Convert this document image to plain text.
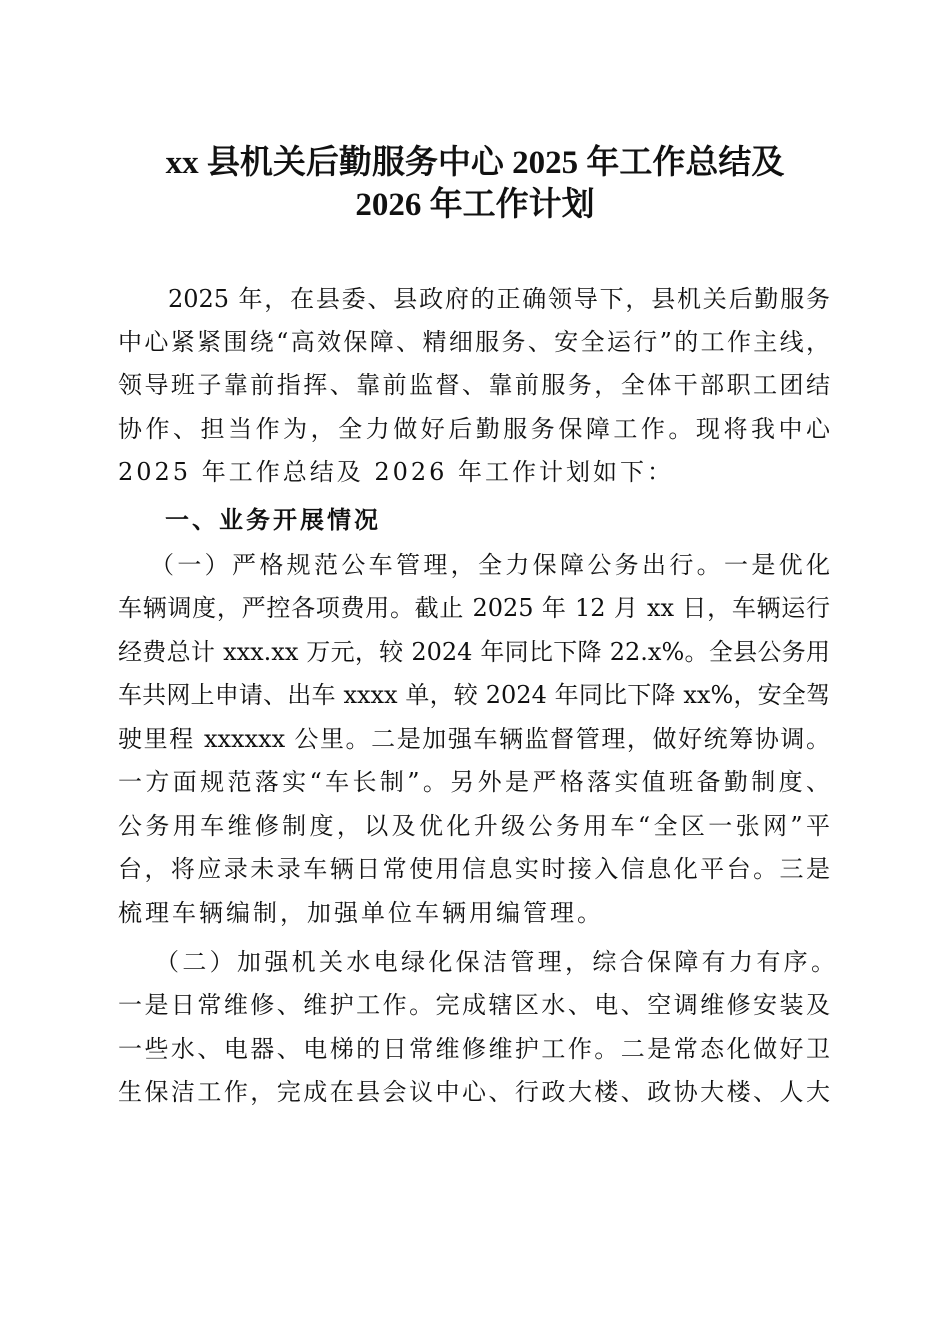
xx 县机关后勤服务中心 2025 年工作总结及
2026 年工作计划
2025 年，在县委、县政府的正确领导下，县机关后勤服务
中心紧紧围绕“高效保障、精细服务、安全运行”的工作主线，
领导班子靠前指挥、靠前监督、靠前服务，全体干部职工团结
协作、担当作为，全力做好后勤服务保障工作。现将我中心
2025 年工作总结及 2026 年工作计划如下：
一、业务开展情况
（一）严格规范公车管理，全力保障公务出行。一是优化
车辆调度，严控各项费用。截止 2025 年 12 月 xx 日，车辆运行
经费总计 xxx.xx 万元，较 2024 年同比下降 22.x%。全县公务用
车共网上申请、出车 xxxx 单，较 2024 年同比下降 xx%，安全驾
驶里程 xxxxxx 公里。二是加强车辆监督管理，做好统筹协调。
一方面规范落实“车长制”。另外是严格落实值班备勤制度、
公务用车维修制度，以及优化升级公务用车“全区一张网”平
台，将应录未录车辆日常使用信息实时接入信息化平台。三是
梳理车辆编制，加强单位车辆用编管理。
（二）加强机关水电绿化保洁管理，综合保障有力有序。
一是日常维修、维护工作。完成辖区水、电、空调维修安装及
一些水、电器、电梯的日常维修维护工作。二是常态化做好卫
生保洁工作，完成在县会议中心、行政大楼、政协大楼、人大
